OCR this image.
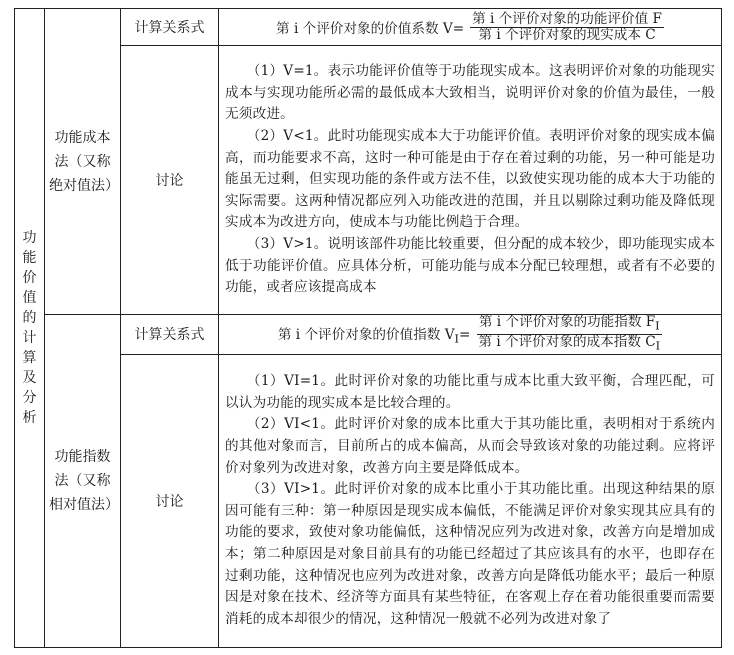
功能价值的计算及分析	功能成本法（又称绝对值法）	计算关系式	第 i 个评价对象的价值系数 $V= \frac{\text{第 i 个评价对象的功能评价值 F}}{\text{第 i 个评价对象的现实成本 C}}$

		讨论	（1）V=1。表示功能评价值等于功能现实成本。这表明评价对象的功能现实成本与实现功能所必需的最低成本大致相当，说明评价对象的价值为最佳，一般无须改进。

（2）V<1。此时功能现实成本大于功能评价值。表明评价对象的现实成本偏高，而功能要求不高，这时一种可能是由于存在着过剩的功能，另一种可能是功能虽无过剩，但实现功能的条件或方法不佳，以致使实现功能的成本大于功能的实际需要。这两种情况都应列入功能改进的范围，并且以剔除过剩功能及降低现实成本为改进方向，使成本与功能比例趋于合理。

（3）V>1。说明该部件功能比较重要，但分配的成本较少，即功能现实成本低于功能评价值。应具体分析，可能功能与成本分配已较理想，或者有不必要的功能，或者应该提高成本

	功能指数法（又称相对值法）	计算关系式	第 i 个评价对象的价值指数 $V_I= \frac{第 i 个评价对象的功能指数 F_I}{第 i 个评价对象的成本指数 C_I}$

		讨论	（1）VI=1。此时评价对象的功能比重与成本比重大致平衡，合理匹配，可以认为功能的现实成本是比较合理的。

（2）VI<1。此时评价对象的成本比重大于其功能比重，表明相对于系统内的其他对象而言，目前所占的成本偏高，从而会导致该对象的功能过剩。应将评价对象列为改进对象，改善方向主要是降低成本。

（3）VI>1。此时评价对象的成本比重小于其功能比重。出现这种结果的原因可能有三种：第一种原因是现实成本偏低，不能满足评价对象实现其应具有的功能的要求，致使对象功能偏低，这种情况应列为改进对象，改善方向是增加成本；第二种原因是对象目前具有的功能已经超过了其应该具有的水平，也即存在过剩功能，这种情况也应列为改进对象，改善方向是降低功能水平；最后一种原因是对象在技术、经济等方面具有某些特征，在客观上存在着功能很重要而需要消耗的成本却很少的情况，这种情况一般就不必列为改进对象了
